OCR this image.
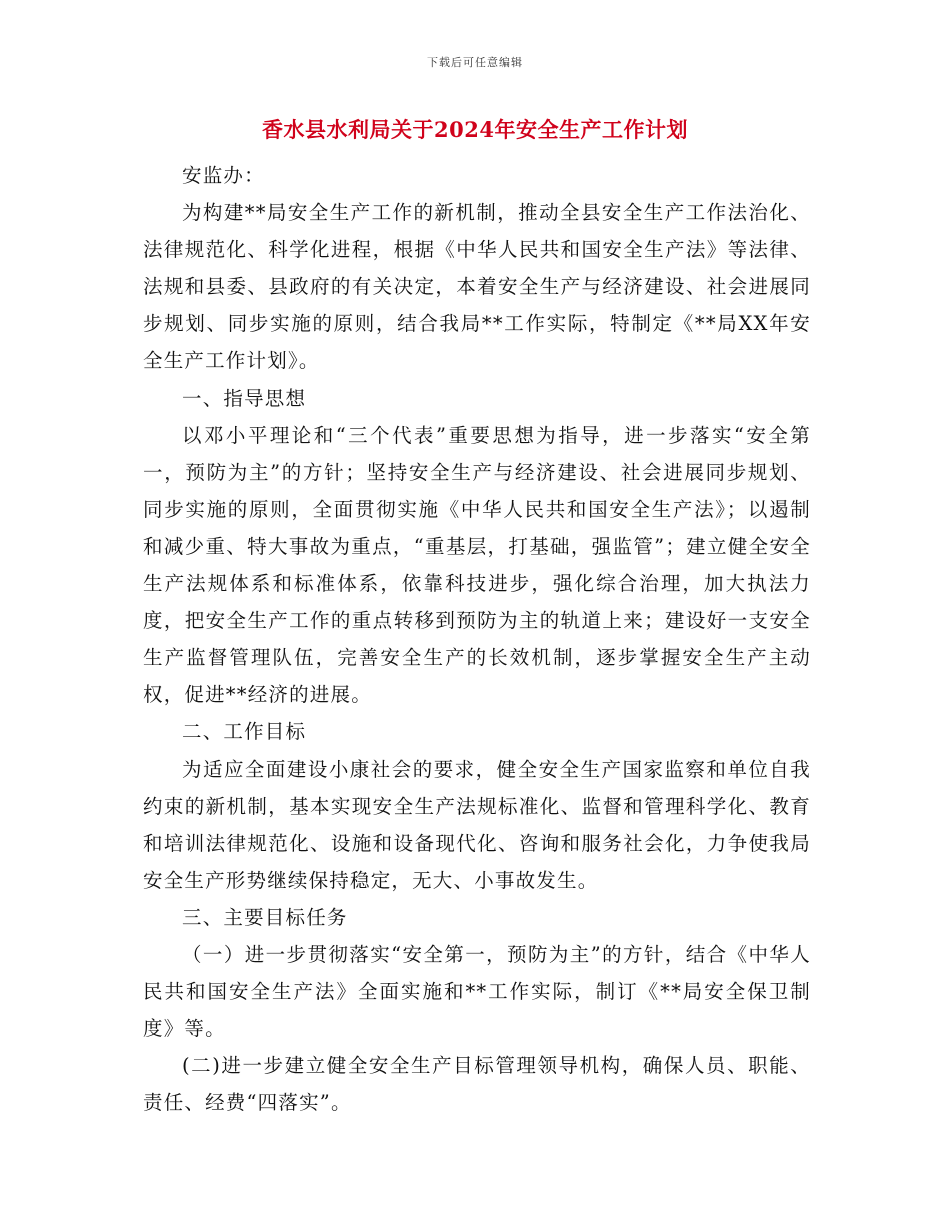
下载后可任意编辑
香水县水利局关于2024年安全生产工作计划

安监办：

为构建**局安全生产工作的新机制，推动全县安全生产工作法治化、法律规范化、科学化进程，根据《中华人民共和国安全生产法》等法律、法规和县委、县政府的有关决定，本着安全生产与经济建设、社会进展同步规划、同步实施的原则，结合我局**工作实际，特制定《**局XX年安全生产工作计划》。

一、指导思想

以邓小平理论和“三个代表”重要思想为指导，进一步落实“安全第一，预防为主”的方针；坚持安全生产与经济建设、社会进展同步规划、同步实施的原则，全面贯彻实施《中华人民共和国安全生产法》；以遏制和减少重、特大事故为重点，“重基层，打基础，强监管”；建立健全安全生产法规体系和标准体系，依靠科技进步，强化综合治理，加大执法力度，把安全生产工作的重点转移到预防为主的轨道上来；建设好一支安全生产监督管理队伍，完善安全生产的长效机制，逐步掌握安全生产主动权，促进**经济的进展。

二、工作目标

为适应全面建设小康社会的要求，健全安全生产国家监察和单位自我约束的新机制，基本实现安全生产法规标准化、监督和管理科学化、教育和培训法律规范化、设施和设备现代化、咨询和服务社会化，力争使我局安全生产形势继续保持稳定，无大、小事故发生。

三、主要目标任务

（一）进一步贯彻落实“安全第一，预防为主”的方针，结合《中华人民共和国安全生产法》全面实施和**工作实际，制订《**局安全保卫制度》等。

(二)进一步建立健全安全生产目标管理领导机构，确保人员、职能、责任、经费“四落实”。
